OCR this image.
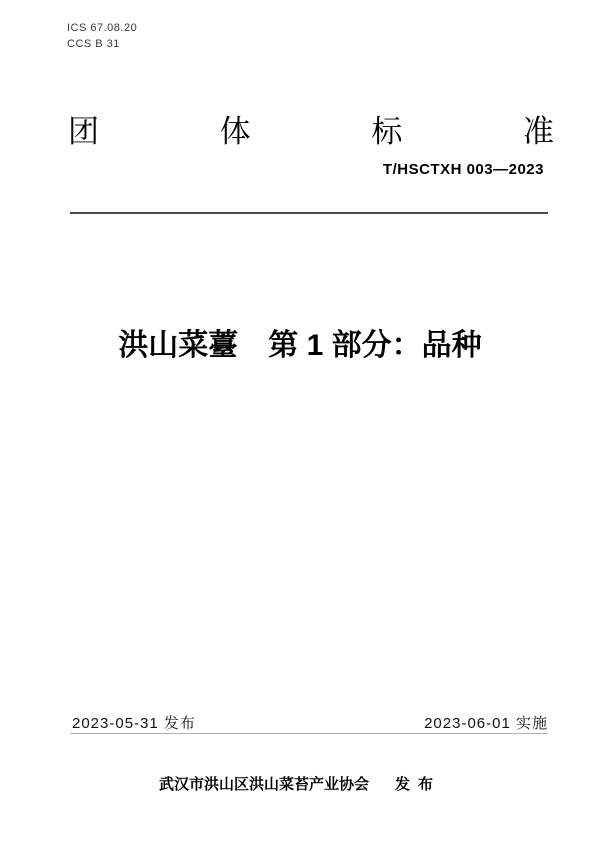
ICS 67.08.20
CCS B 31
团	体	标	准
T/HSCTXH 003—2023
洪山菜薹　第 1 部分：品种
2023-05-31 发布	2023-06-01 实施
武汉市洪山区洪山菜苔产业协会 发布
